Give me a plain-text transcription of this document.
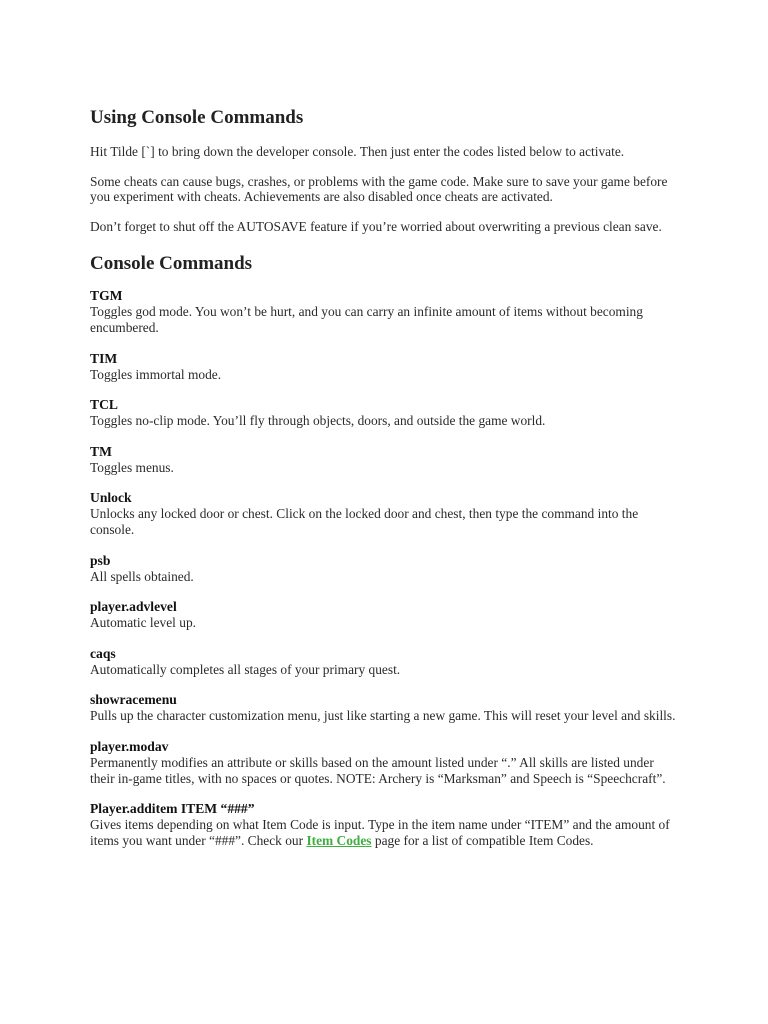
Using Console Commands

Hit Tilde [`] to bring down the developer console. Then just enter the codes listed below to activate.

Some cheats can cause bugs, crashes, or problems with the game code. Make sure to save your game before you experiment with cheats. Achievements are also disabled once cheats are activated.

Don’t forget to shut off the AUTOSAVE feature if you’re worried about overwriting a previous clean save.

Console Commands
TGM
Toggles god mode. You won’t be hurt, and you can carry an infinite amount of items without becoming encumbered.
TIM
Toggles immortal mode.
TCL
Toggles no-clip mode. You’ll fly through objects, doors, and outside the game world.
TM
Toggles menus.
Unlock
Unlocks any locked door or chest. Click on the locked door and chest, then type the command into the console.
psb
All spells obtained.
player.advlevel
Automatic level up.
caqs
Automatically completes all stages of your primary quest.
showracemenu
Pulls up the character customization menu, just like starting a new game. This will reset your level and skills.
player.modav
Permanently modifies an attribute or skills based on the amount listed under “.” All skills are listed under their in-game titles, with no spaces or quotes. NOTE: Archery is “Marksman” and Speech is “Speechcraft”.
Player.additem ITEM “###”
Gives items depending on what Item Code is input. Type in the item name under “ITEM” and the amount of items you want under “###”. Check our Item Codes page for a list of compatible Item Codes.
